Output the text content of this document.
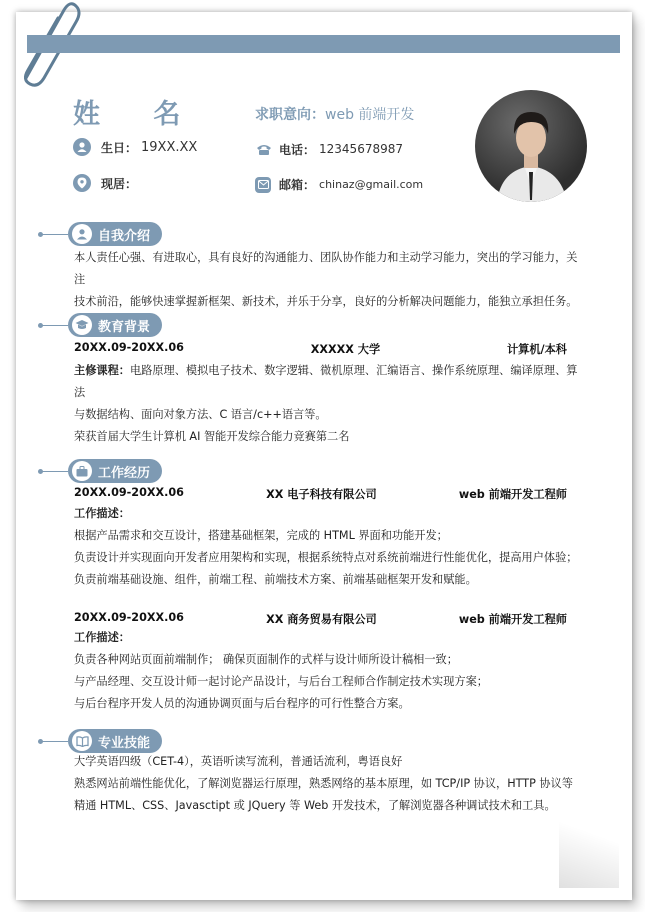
姓 名	求职意向：web 前端开发
生日： 19XX.XX	电话： 12345678987
现居：	邮箱： chinaz@gmail.com
自我介绍
本人责任心强、有进取心，具有良好的沟通能力、团队协作能力和主动学习能力，突出的学习能力，关注
技术前沿，能够快速掌握新框架、新技术，并乐于分享，良好的分析解决问题能力，能独立承担任务。
教育背景
20XX.09-20XX.06	XXXXX 大学	计算机/本科
主修课程：电路原理、模拟电子技术、数字逻辑、微机原理、汇编语言、操作系统原理、编译原理、算法
与数据结构、面向对象方法、C 语言/c++语言等。
荣获首届大学生计算机 AI 智能开发综合能力竞赛第二名
工作经历
20XX.09-20XX.06	XX 电子科技有限公司	web 前端开发工程师
工作描述：
根据产品需求和交互设计，搭建基础框架，完成的 HTML 界面和功能开发；
负责设计并实现面向开发者应用架构和实现，根据系统特点对系统前端进行性能优化，提高用户体验；
负责前端基础设施、组件，前端工程、前端技术方案、前端基础框架开发和赋能。
20XX.09-20XX.06	XX 商务贸易有限公司	web 前端开发工程师
工作描述：
负责各种网站页面前端制作； 确保页面制作的式样与设计师所设计稿相一致；
与产品经理、交互设计师一起讨论产品设计，与后台工程师合作制定技术实现方案；
与后台程序开发人员的沟通协调页面与后台程序的可行性整合方案。
专业技能
大学英语四级（CET-4），英语听读写流利，普通话流利，粤语良好
熟悉网站前端性能优化，了解浏览器运行原理，熟悉网络的基本原理，如 TCP/IP 协议，HTTP 协议等
精通 HTML、CSS、Javasctipt 或 JQuery 等 Web 开发技术，了解浏览器各种调试技术和工具。
